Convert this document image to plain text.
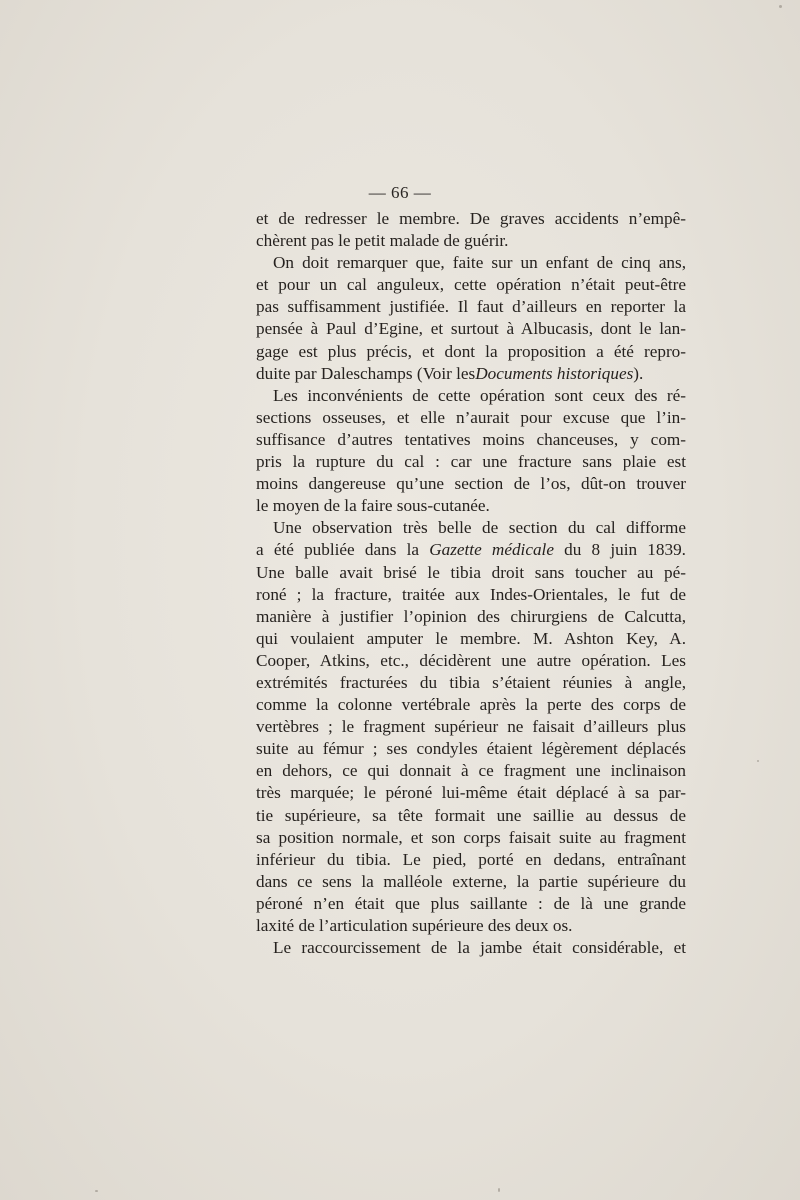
— 66 —
et de redresser le membre. De graves accidents n’empê-
chèrent pas le petit malade de guérir.
On doit remarquer que, faite sur un enfant de cinq ans,
et pour un cal anguleux, cette opération n’était peut-être
pas suffisamment justifiée. Il faut d’ailleurs en reporter la
pensée à Paul d’Egine, et surtout à Albucasis, dont le lan-
gage est plus précis, et dont la proposition a été repro-
duite par Daleschamps (Voir lesDocuments historiques).
Les inconvénients de cette opération sont ceux des ré-
sections osseuses, et elle n’aurait pour excuse que l’in-
suffisance d’autres tentatives moins chanceuses, y com-
pris la rupture du cal : car une fracture sans plaie est
moins dangereuse qu’une section de l’os, dût-on trouver
le moyen de la faire sous-cutanée.
Une observation très belle de section du cal difforme
a été publiée dans la Gazette médicale du 8 juin 1839.
Une balle avait brisé le tibia droit sans toucher au pé-
roné ; la fracture, traitée aux Indes-Orientales, le fut de
manière à justifier l’opinion des chirurgiens de Calcutta,
qui voulaient amputer le membre. M. Ashton Key, A.
Cooper, Atkins, etc., décidèrent une autre opération. Les
extrémités fracturées du tibia s’étaient réunies à angle,
comme la colonne vertébrale après la perte des corps de
vertèbres ; le fragment supérieur ne faisait d’ailleurs plus
suite au fémur ; ses condyles étaient légèrement déplacés
en dehors, ce qui donnait à ce fragment une inclinaison
très marquée; le péroné lui-même était déplacé à sa par-
tie supérieure, sa tête formait une saillie au dessus de
sa position normale, et son corps faisait suite au fragment
inférieur du tibia. Le pied, porté en dedans, entraînant
dans ce sens la malléole externe, la partie supérieure du
péroné n’en était que plus saillante : de là une grande
laxité de l’articulation supérieure des deux os.
Le raccourcissement de la jambe était considérable, et
